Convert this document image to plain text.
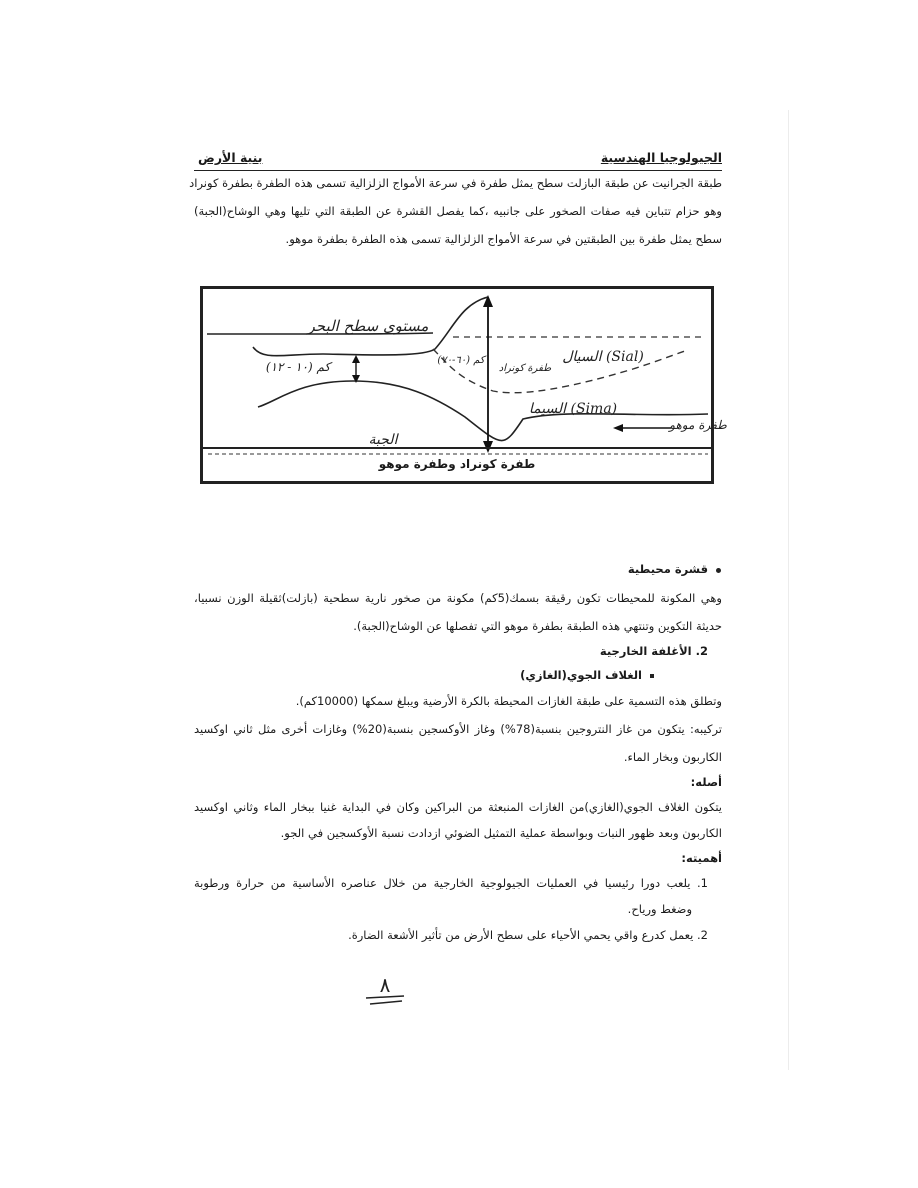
الجيولوجيا الهندسية
بنية الأرض
طبقة الجرانيت عن طبقة البازلت سطح يمثل طفرة في سرعة الأمواج الزلزالية تسمى هذه الطفرة بطفرة كونراد
وهو حزام تتباين فيه صفات الصخور على جانبيه ،كما يفصل القشرة عن الطبقة التي تليها وهي الوشاح(الجبة)
سطح يمثل طفرة بين الطبقتين في سرعة الأمواج الزلزالية تسمى هذه الطفرة بطفرة موهو.
مستوى سطح البحر
(١٠ - ١٢) كم	(٦٠-٧٠) كم
طفرة كونراد
السيال (Sial)
السيما (Sima)
طفرة موهو
الجبة
طفرة كونراد وطفرة موهو
قشرة محيطية
وهي المكونة للمحيطات تكون رقيقة بسمك(5كم) مكونة من صخور نارية سطحية (بازلت)ثقيلة الوزن نسبيا،
حديثة التكوين وتنتهي هذه الطبقة بطفرة موهو التي تفصلها عن الوشاح(الجبة).
2. الأغلفة الخارجية
الغلاف الجوي(الغازي)
وتطلق هذه التسمية على طبقة الغازات المحيطة بالكرة الأرضية ويبلغ سمكها (10000كم).
تركيبه: يتكون من غاز النتروجين بنسبة(78%) وغاز الأوكسجين بنسبة(20%) وغازات أخرى مثل ثاني اوكسيد
الكاربون وبخار الماء.
أصله:
يتكون الغلاف الجوي(الغازي)من الغازات المنبعثة من البراكين وكان في البداية غنيا ببخار الماء وثاني اوكسيد
الكاربون وبعد ظهور النبات وبواسطة عملية التمثيل الضوئي ازدادت نسبة الأوكسجين في الجو.
أهميته:
1. يلعب دورا رئيسيا في العمليات الجيولوجية الخارجية من خلال عناصره الأساسية من حرارة ورطوبة
وضغط ورياح.
2. يعمل كدرع واقي يحمي الأحياء على سطح الأرض من تأثير الأشعة الضارة.
٨
